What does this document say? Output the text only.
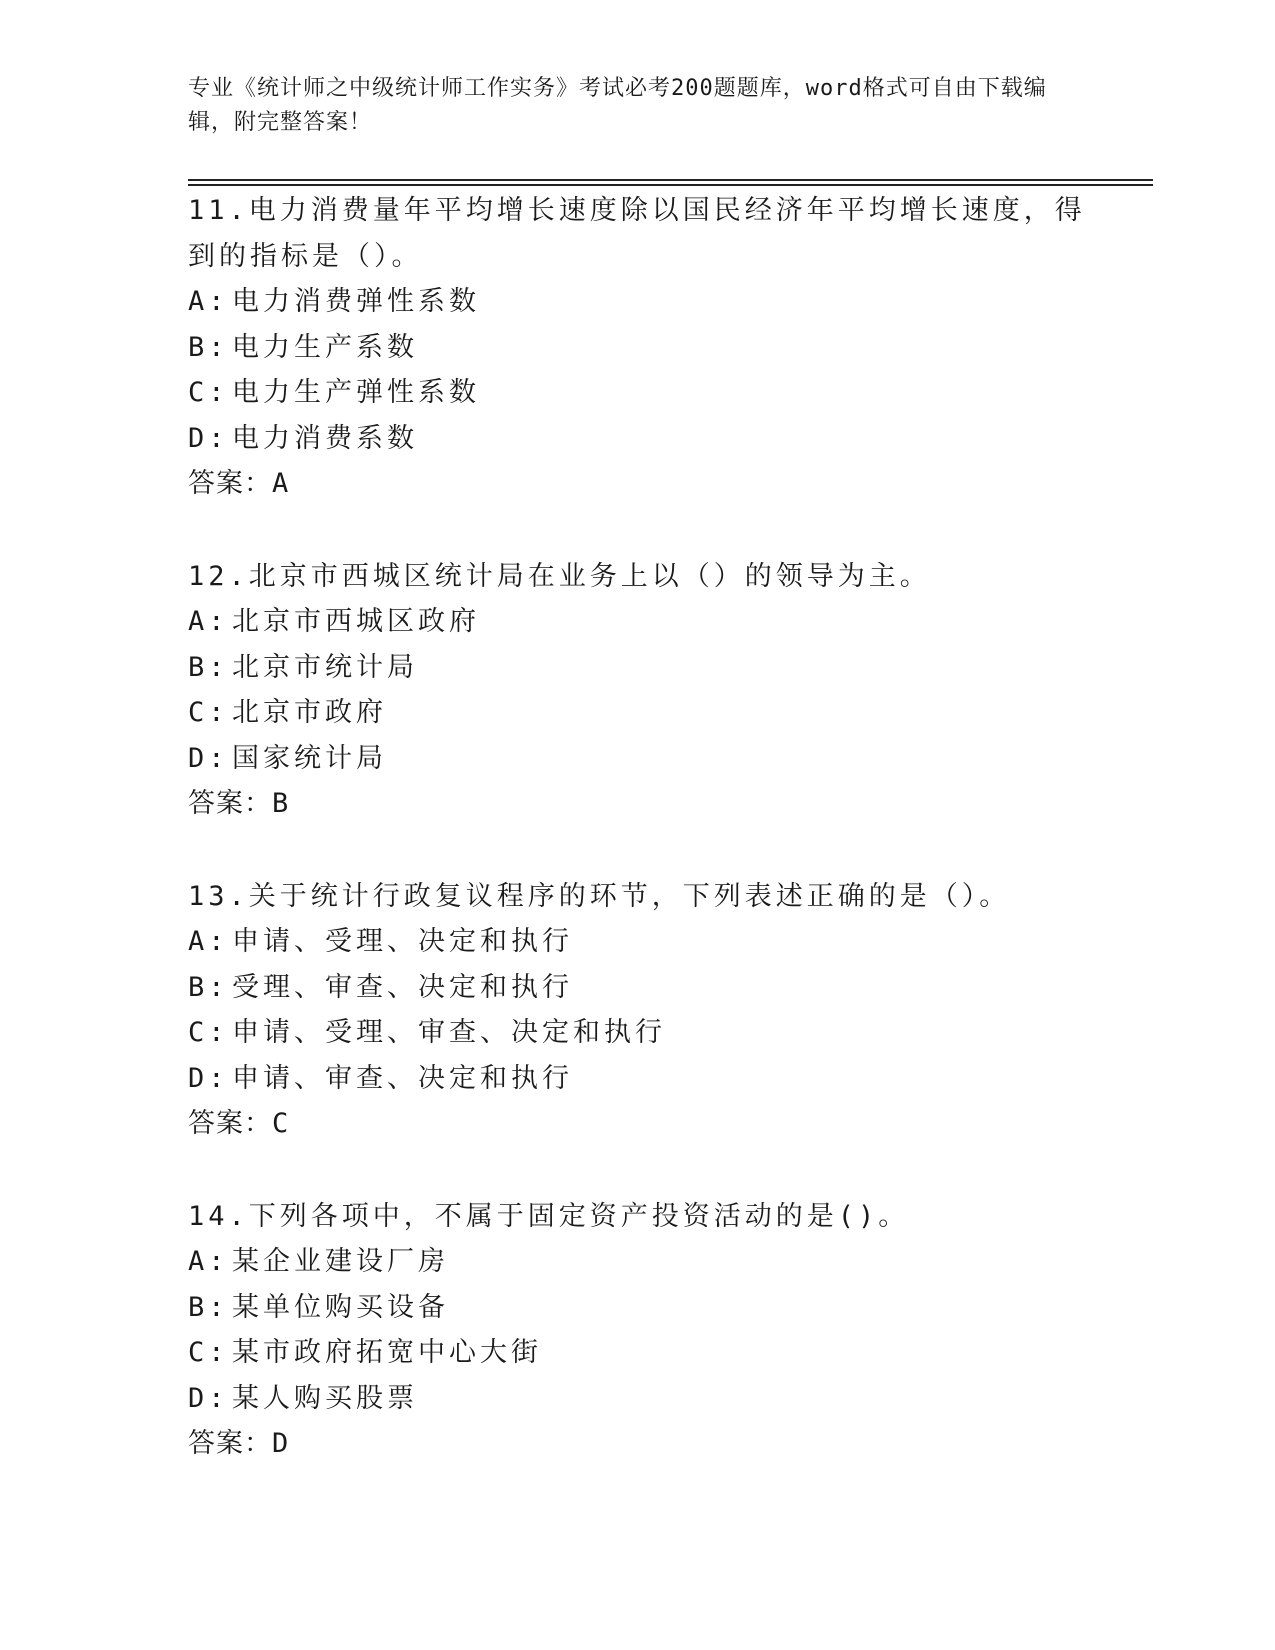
专业《统计师之中级统计师工作实务》考试必考200题题库，word格式可自由下载编辑，附完整答案！
11.电力消费量年平均增长速度除以国民经济年平均增长速度，得到的指标是（）。
A: 电力消费弹性系数
B: 电力生产系数
C: 电力生产弹性系数
D: 电力消费系数
答案：A
12.北京市西城区统计局在业务上以（）的领导为主。
A: 北京市西城区政府
B: 北京市统计局
C: 北京市政府
D: 国家统计局
答案：B
13.关于统计行政复议程序的环节，下列表述正确的是（）。
A: 申请、受理、决定和执行
B: 受理、审查、决定和执行
C: 申请、受理、审查、决定和执行
D: 申请、审查、决定和执行
答案：C
14.下列各项中，不属于固定资产投资活动的是()。
A: 某企业建设厂房
B: 某单位购买设备
C: 某市政府拓宽中心大街
D: 某人购买股票
答案：D
